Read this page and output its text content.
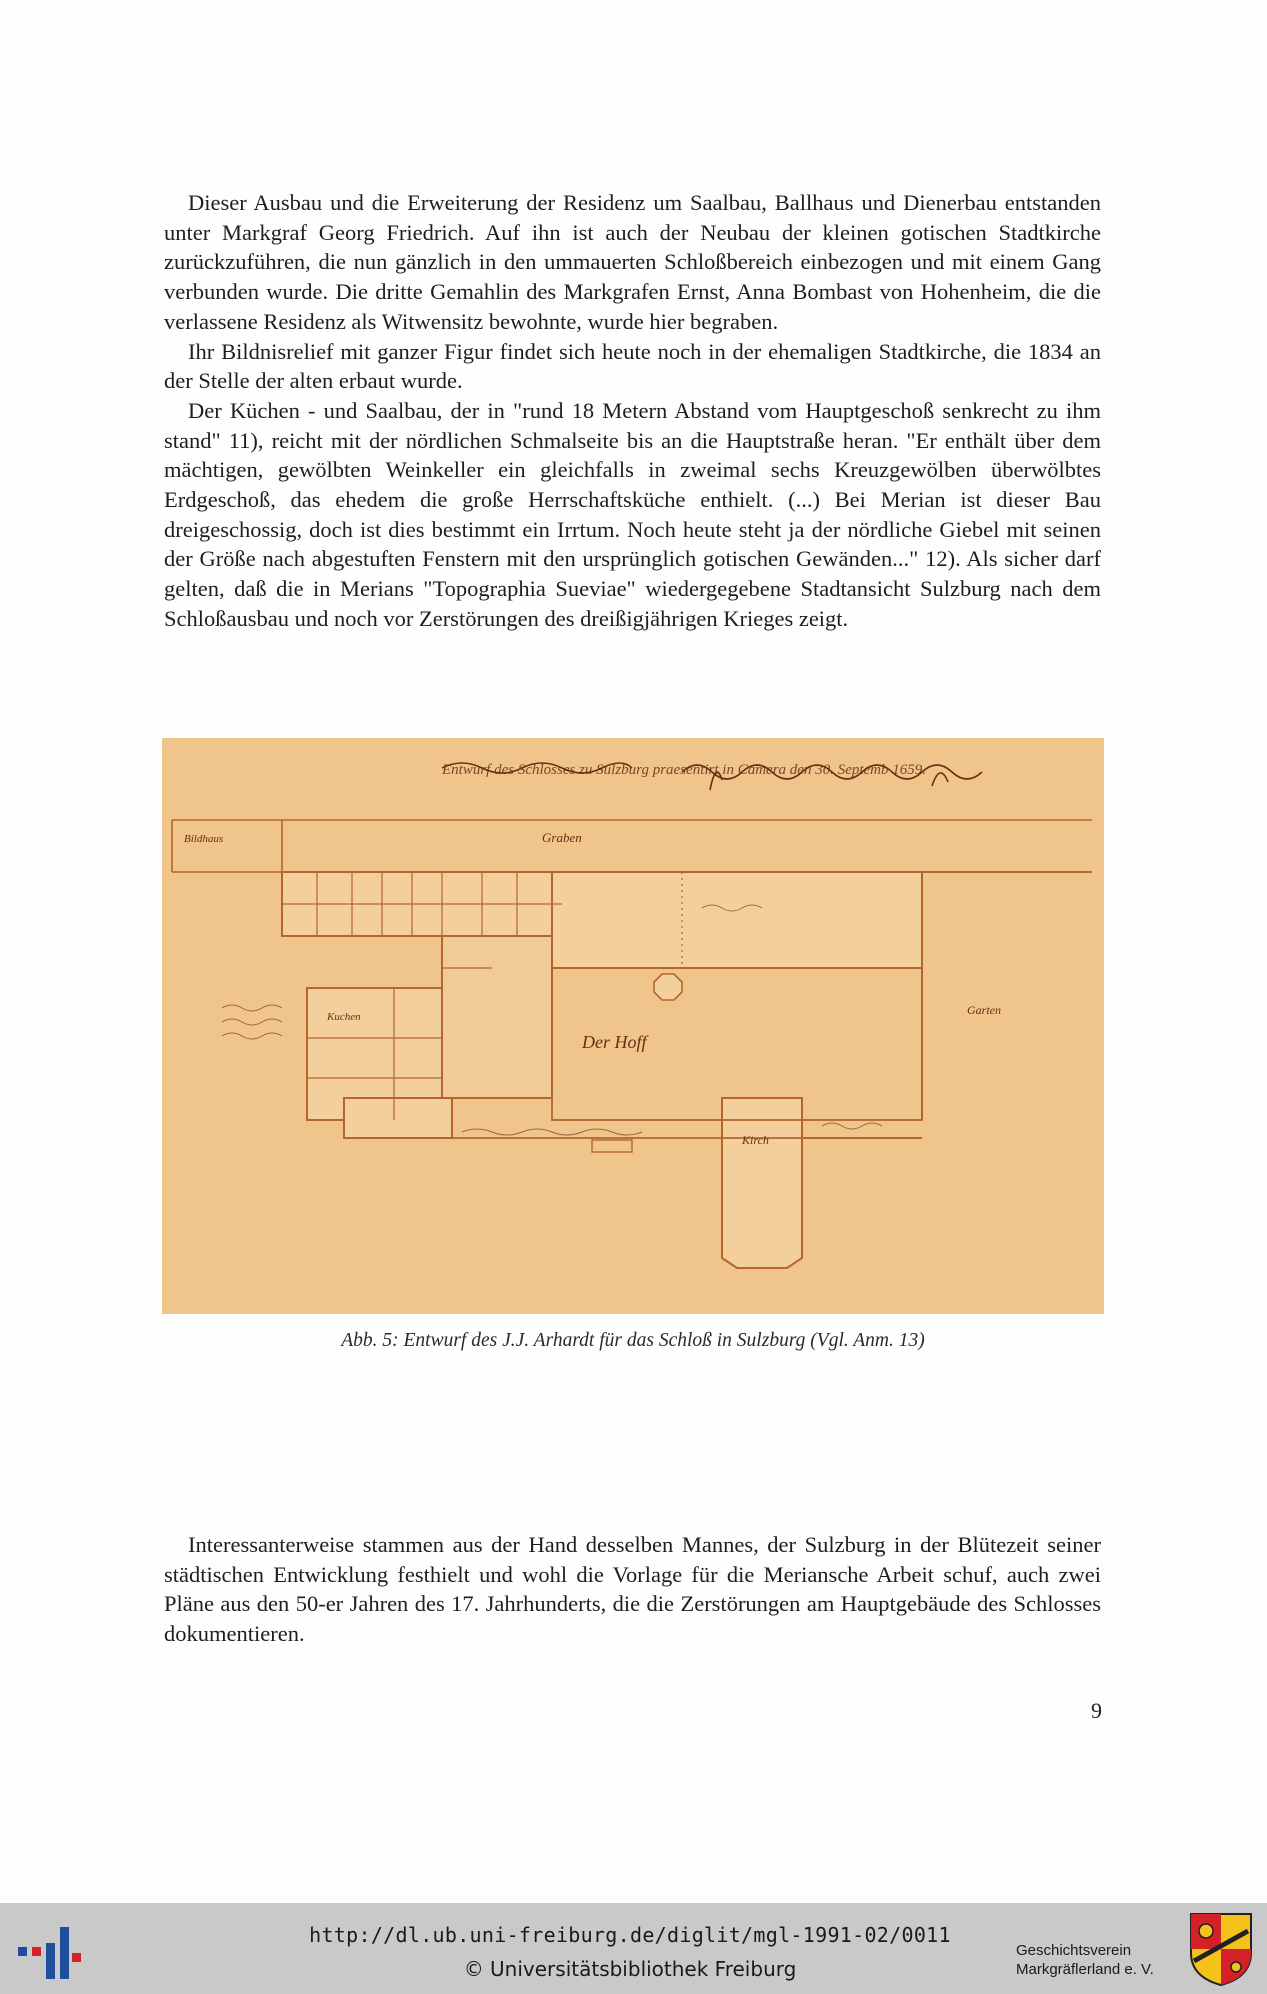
Dieser Ausbau und die Erweiterung der Residenz um Saalbau, Ballhaus und Dienerbau entstanden unter Markgraf Georg Friedrich. Auf ihn ist auch der Neubau der kleinen gotischen Stadtkirche zurückzuführen, die nun gänzlich in den ummauerten Schloßbereich einbezogen und mit einem Gang verbunden wurde. Die dritte Gemahlin des Markgrafen Ernst, Anna Bombast von Hohenheim, die die verlassene Residenz als Witwensitz bewohnte, wurde hier begraben.

Ihr Bildnisrelief mit ganzer Figur findet sich heute noch in der ehemaligen Stadtkirche, die 1834 an der Stelle der alten erbaut wurde.

Der Küchen - und Saalbau, der in "rund 18 Metern Abstand vom Hauptgeschoß senkrecht zu ihm stand" 11), reicht mit der nördlichen Schmalseite bis an die Hauptstraße heran. "Er enthält über dem mächtigen, gewölbten Weinkeller ein gleichfalls in zweimal sechs Kreuzgewölben überwölbtes Erdgeschoß, das ehedem die große Herrschaftsküche enthielt. (...) Bei Merian ist dieser Bau dreigeschossig, doch ist dies bestimmt ein Irrtum. Noch heute steht ja der nördliche Giebel mit seinen der Größe nach abgestuften Fenstern mit den ursprünglich gotischen Gewänden..." 12). Als sicher darf gelten, daß die in Merians "Topographia Sueviae" wiedergegebene Stadtansicht Sulzburg nach dem Schloßausbau und noch vor Zerstörungen des dreißigjährigen Krieges zeigt.

Entwurf des Schlosses zu Sulzburg praesentirt in Camera den 30. Septemb 1659.
Der Hoff
Kuchen	Garten
Kirch
Graben
Bildhaus
Abb. 5: Entwurf des J.J. Arhardt für das Schloß in Sulzburg (Vgl. Anm. 13)

Interessanterweise stammen aus der Hand desselben Mannes, der Sulzburg in der Blütezeit seiner städtischen Entwicklung festhielt und wohl die Vorlage für die Meriansche Arbeit schuf, auch zwei Pläne aus den 50-er Jahren des 17. Jahrhunderts, die die Zerstörungen am Hauptgebäude des Schlosses dokumentieren.

9
http://dl.ub.uni-freiburg.de/diglit/mgl-1991-02/0011
© Universitätsbibliothek Freiburg
Geschichtsverein
Markgräflerland e. V.
